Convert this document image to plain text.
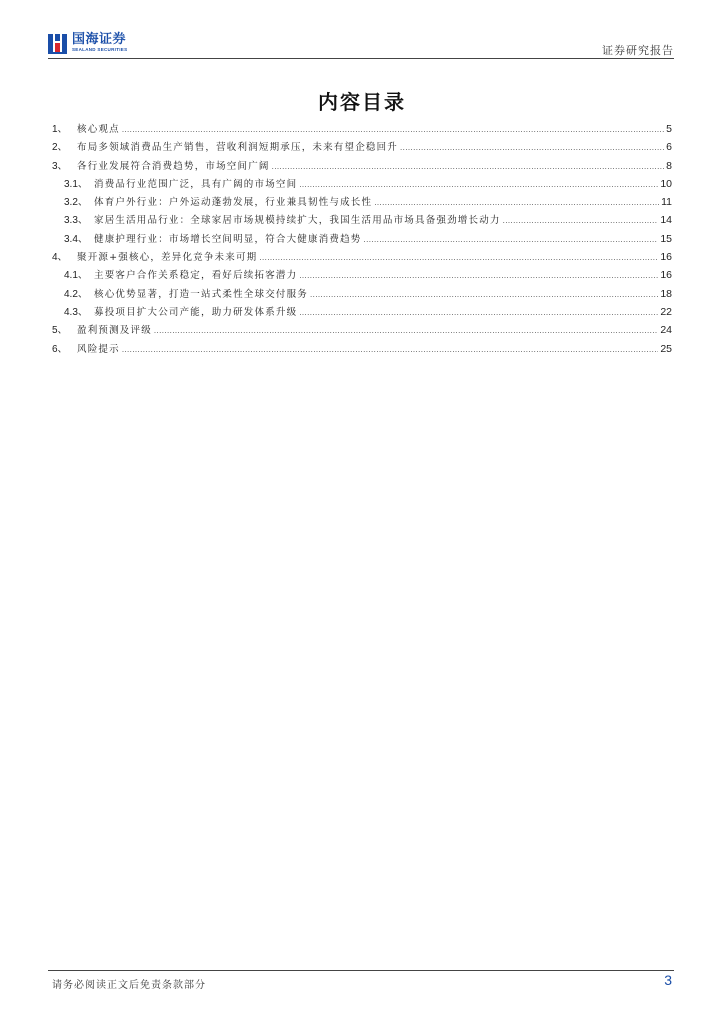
国海证券
SEALAND SECURITIES	证券研究报告
内容目录
1、 核心观点 .....	5
2、 布局多领域消费品生产销售，营收利润短期承压，未来有望企稳回升 .....	6
3、 各行业发展符合消费趋势，市场空间广阔 .....	8
3.1、 消费品行业范围广泛，具有广阔的市场空间 .....	10
3.2、 体育户外行业：户外运动蓬勃发展，行业兼具韧性与成长性 .....	11
3.3、 家居生活用品行业：全球家居市场规模持续扩大，我国生活用品市场具备强劲增长动力 .....	14
3.4、 健康护理行业：市场增长空间明显，符合大健康消费趋势 .....	15
4、 聚开源+强核心，差异化竞争未来可期 .....	16
4.1、 主要客户合作关系稳定，看好后续拓客潜力 .....	16
4.2、 核心优势显著，打造一站式柔性全球交付服务 .....	18
4.3、 募投项目扩大公司产能，助力研发体系升级 .....	22
5、 盈利预测及评级 .....	24
6、 风险提示 .....	25
请务必阅读正文后免责条款部分	3
